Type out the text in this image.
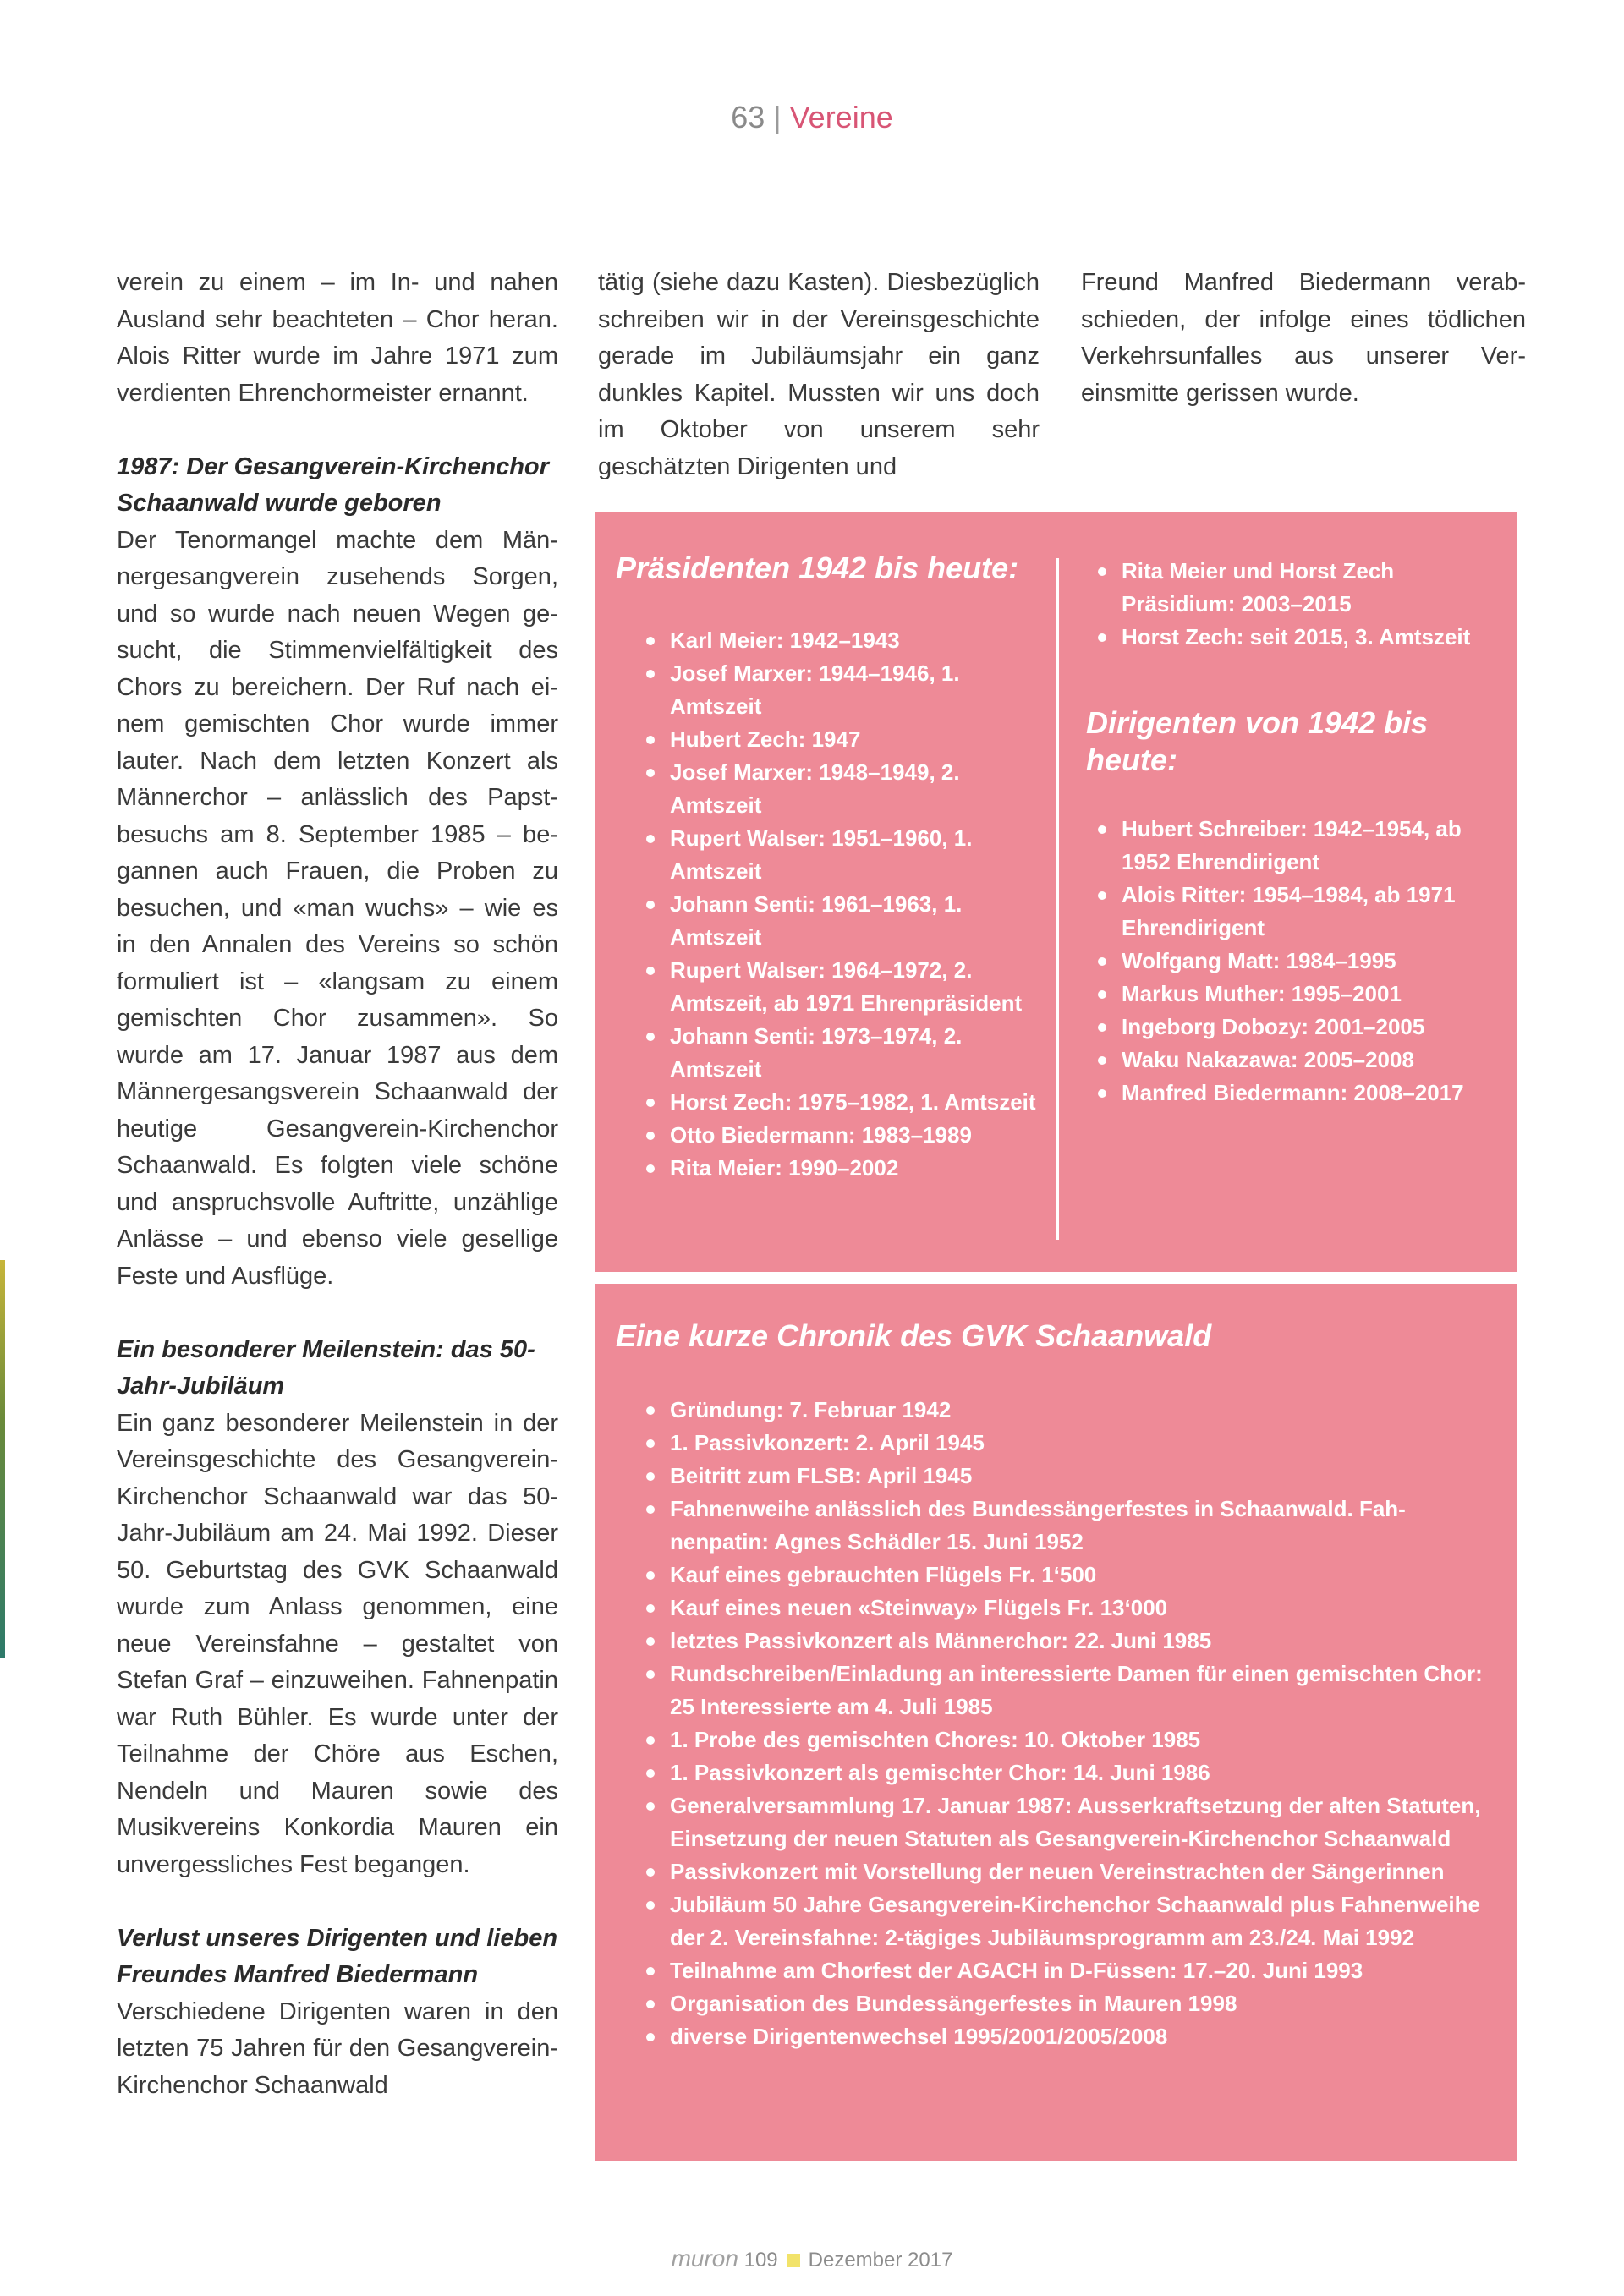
63 | Vereine

verein zu einem – im In- und nahen Ausland sehr beachteten – Chor heran. Alois Ritter wurde im Jahre 1971 zum verdienten Ehrenchormeister ernannt.

1987: Der Gesangverein-Kirchenchor Schaanwald wurde geboren

Der Tenormangel machte dem Männergesangverein zusehends Sorgen, und so wurde nach neuen Wegen gesucht, die Stimmenvielfältigkeit des Chors zu bereichern. Der Ruf nach einem gemischten Chor wurde immer lauter. Nach dem letzten Konzert als Männerchor – anlässlich des Papstbesuchs am 8. September 1985 – begannen auch Frauen, die Proben zu besuchen, und «man wuchs» – wie es in den Annalen des Vereins so schön formuliert ist – «langsam zu einem gemischten Chor zusammen». So wurde am 17. Januar 1987 aus dem Männergesangsverein Schaanwald der heutige Gesangverein-Kirchenchor Schaanwald. Es folgten viele schöne und anspruchsvolle Auftritte, unzählige Anlässe – und ebenso viele gesellige Feste und Ausflüge.

Ein besonderer Meilenstein: das 50-Jahr-Jubiläum

Ein ganz besonderer Meilenstein in der Vereinsgeschichte des Gesangverein-Kirchenchor Schaanwald war das 50-Jahr-Jubiläum am 24. Mai 1992. Dieser 50. Geburtstag des GVK Schaanwald wurde zum Anlass genommen, eine neue Vereinsfahne – gestaltet von Stefan Graf – einzuweihen. Fahnenpatin war Ruth Bühler. Es wurde unter der Teilnahme der Chöre aus Eschen, Nendeln und Mauren sowie des Musikvereins Konkordia Mauren ein unvergessliches Fest begangen.

Verlust unseres Dirigenten und lieben Freundes Manfred Biedermann

Verschiedene Dirigenten waren in den letzten 75 Jahren für den Gesangverein-Kirchenchor Schaanwald

tätig (siehe dazu Kasten). Diesbezüglich schreiben wir in der Vereinsgeschichte gerade im Jubiläumsjahr ein ganz dunkles Kapitel. Mussten wir uns doch im Oktober von unserem sehr geschätzten Dirigenten und

Freund Manfred Biedermann verabschieden, der infolge eines tödlichen Verkehrsunfalles aus unserer Vereinsmitte gerissen wurde.

Präsidenten 1942 bis heute:
Karl Meier: 1942–1943
Josef Marxer: 1944–1946, 1. Amtszeit
Hubert Zech: 1947
Josef Marxer: 1948–1949, 2. Amtszeit
Rupert Walser: 1951–1960, 1. Amtszeit
Johann Senti: 1961–1963, 1. Amtszeit
Rupert Walser: 1964–1972, 2. Amtszeit, ab 1971 Ehrenpräsident
Johann Senti: 1973–1974, 2. Amtszeit
Horst Zech: 1975–1982, 1. Amtszeit
Otto Biedermann: 1983–1989
Rita Meier: 1990–2002
Rita Meier und Horst Zech Präsidium: 2003–2015
Horst Zech: seit 2015, 3. Amtszeit
Dirigenten von 1942 bis heute:
Hubert Schreiber: 1942–1954, ab 1952 Ehrendirigent
Alois Ritter: 1954–1984, ab 1971 Ehrendirigent
Wolfgang Matt: 1984–1995
Markus Muther: 1995–2001
Ingeborg Dobozy: 2001–2005
Waku Nakazawa: 2005–2008
Manfred Biedermann: 2008–2017
Eine kurze Chronik des GVK Schaanwald
Gründung: 7. Februar 1942
1. Passivkonzert: 2. April 1945
Beitritt zum FLSB: April 1945
Fahnenweihe anlässlich des Bundessängerfestes in Schaanwald. Fahnenpatin: Agnes Schädler 15. Juni 1952
Kauf eines gebrauchten Flügels Fr. 1‘500
Kauf eines neuen «Steinway» Flügels Fr. 13‘000
letztes Passivkonzert als Männerchor: 22. Juni 1985
Rundschreiben/Einladung an interessierte Damen für einen gemischten Chor: 25 Interessierte am 4. Juli 1985
1. Probe des gemischten Chores: 10. Oktober 1985
1. Passivkonzert als gemischter Chor: 14. Juni 1986
Generalversammlung 17. Januar 1987: Ausserkraftsetzung der alten Statuten, Einsetzung der neuen Statuten als Gesangverein-Kirchenchor Schaanwald
Passivkonzert mit Vorstellung der neuen Vereinstrachten der Sängerinnen
Jubiläum 50 Jahre Gesangverein-Kirchenchor Schaanwald plus Fahnenweihe der 2. Vereinsfahne: 2-tägiges Jubiläumsprogramm am 23./24. Mai 1992
Teilnahme am Chorfest der AGACH in D-Füssen: 17.–20. Juni 1993
Organisation des Bundessängerfestes in Mauren 1998
diverse Dirigentenwechsel 1995/2001/2005/2008
muron 109 Dezember 2017
